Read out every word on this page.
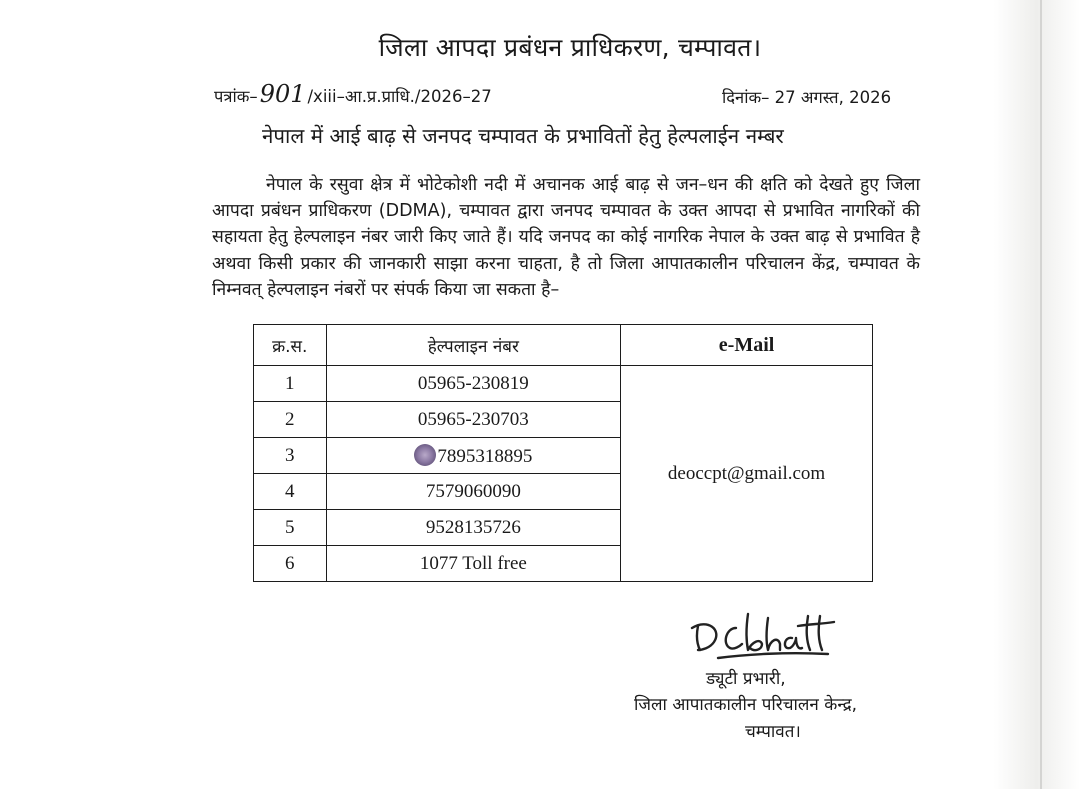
जिला आपदा प्रबंधन प्राधिकरण, चम्पावत।
पत्रांक–901 /xiii–आ.प्र.प्राधि./2026–27	दिनांक– 27 अगस्त, 2026
नेपाल में आई बाढ़ से जनपद चम्पावत के प्रभावितों हेतु हेल्पलाईन नम्बर
नेपाल के रसुवा क्षेत्र में भोटेकोशी नदी में अचानक आई बाढ़ से जन–धन की क्षति को देखते हुए जिला आपदा प्रबंधन प्राधिकरण (DDMA), चम्पावत द्वारा जनपद चम्पावत के उक्त आपदा से प्रभावित नागरिकों की सहायता हेतु हेल्पलाइन नंबर जारी किए जाते हैं। यदि जनपद का कोई नागरिक नेपाल के उक्त बाढ़ से प्रभावित है अथवा किसी प्रकार की जानकारी साझा करना चाहता, है तो जिला आपातकालीन परिचालन केंद्र, चम्पावत के निम्नवत् हेल्पलाइन नंबरों पर संपर्क किया जा सकता है–
क्र.स.	हेल्पलाइन नंबर	e-Mail
1	05965-230819	deoccpt@gmail.com
2	05965-230703	
3	7895318895	
4	7579060090	
5	9528135726	
6	1077 Toll free	
ड्यूटी प्रभारी,
जिला आपातकालीन परिचालन केन्द्र,
चम्पावत।
